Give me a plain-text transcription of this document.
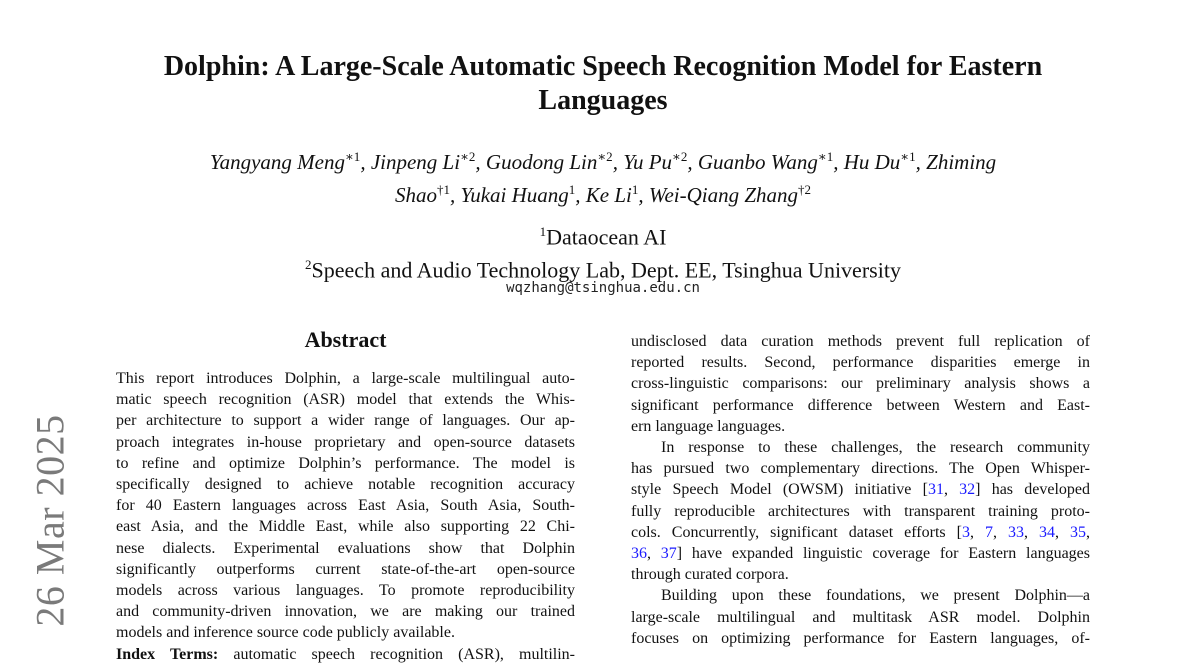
26 Mar 2025
Dolphin: A Large-Scale Automatic Speech Recognition Model for Eastern
Languages
Yangyang Meng$^{∗1}$, Jinpeng $Li^{∗2}$, Guodong Lin$^{∗2}$, Yu $Pu^{∗2}$, Guanbo Wang$^{∗1}$, Hu $Du^{∗1}$, Zhiming
Shao$^{\dagger 1}$, Yukai Huang$^1$, Ke Li$^1$, Wei-Qiang Zhang$^{\dagger 2}$
$^1$Dataocean AI
$^2$Speech and Audio Technology Lab, Dept. EE, Tsinghua University
wqzhang@tsinghua.edu.cn
Abstract
This report introduces Dolphin, a large-scale multilingual auto-
matic speech recognition (ASR) model that extends the Whis-
per architecture to support a wider range of languages. Our ap-
proach integrates in-house proprietary and open-source datasets
to refine and optimize Dolphin’s performance. The model is
specifically designed to achieve notable recognition accuracy
for 40 Eastern languages across East Asia, South Asia, South-
east Asia, and the Middle East, while also supporting 22 Chi-
nese dialects. Experimental evaluations show that Dolphin
significantly outperforms current state-of-the-art open-source
models across various languages. To promote reproducibility
and community-driven innovation, we are making our trained
models and inference source code publicly available.
Index Terms: automatic speech recognition (ASR), multilin-
undisclosed data curation methods prevent full replication of
reported results. Second, performance disparities emerge in
cross-linguistic comparisons: our preliminary analysis shows a
significant performance difference between Western and East-
ern language languages.
In response to these challenges, the research community
has pursued two complementary directions. The Open Whisper-
style Speech Model (OWSM) initiative [31, 32] has developed
fully reproducible architectures with transparent training proto-
cols. Concurrently, significant dataset efforts [3, 7, 33, 34, 35,
36, 37] have expanded linguistic coverage for Eastern languages
through curated corpora.
Building upon these foundations, we present Dolphin—a
large-scale multilingual and multitask ASR model. Dolphin
focuses on optimizing performance for Eastern languages, of-
